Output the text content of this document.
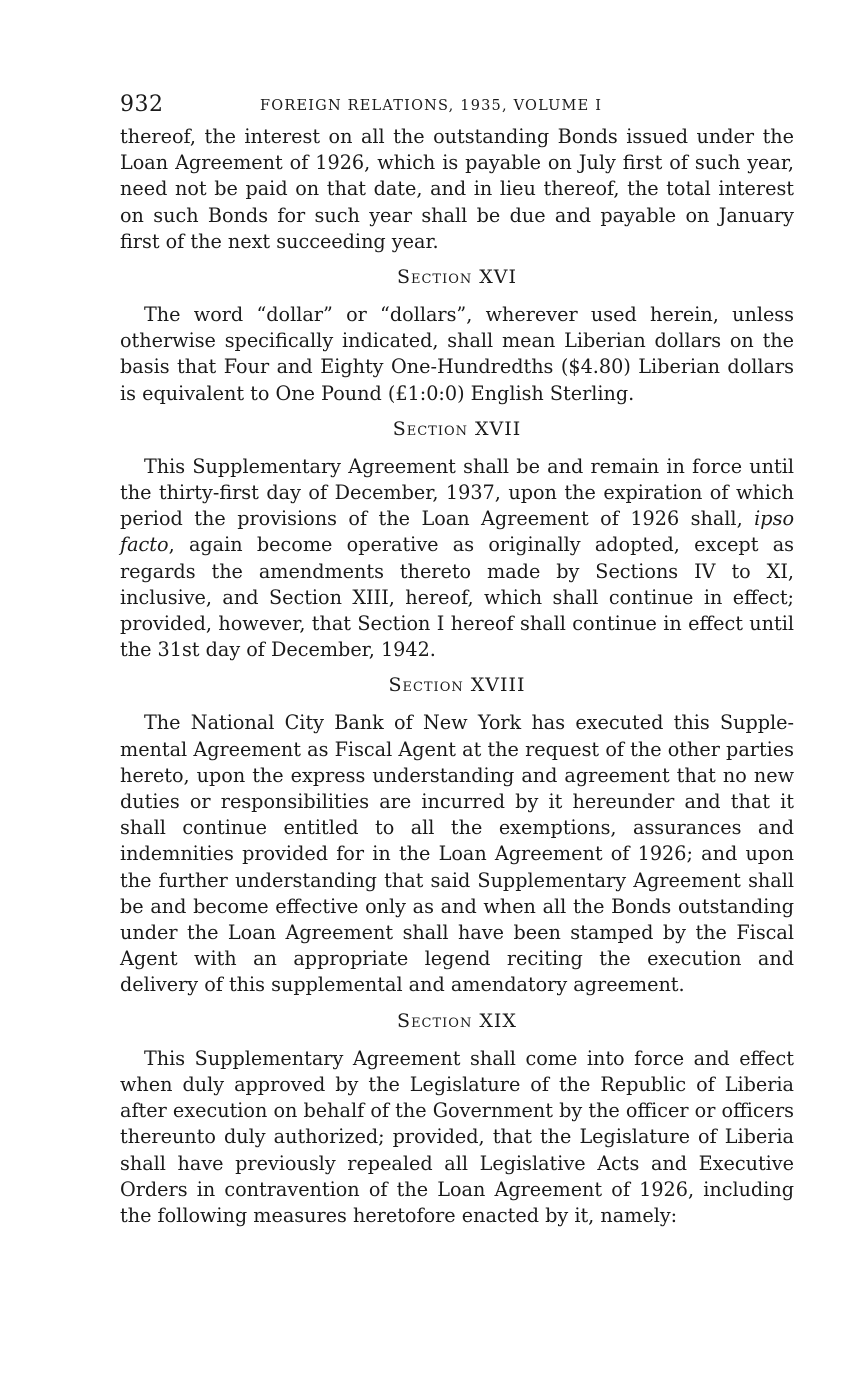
932	FOREIGN RELATIONS, 1935, VOLUME I

thereof, the interest on all the outstanding Bonds issued under the Loan Agreement of 1926, which is payable on July first of such year, need not be paid on that date, and in lieu thereof, the total interest on such Bonds for such year shall be due and payable on January first of the next succeeding year.

Section XVI

The word “dollar” or “dollars”, wherever used herein, unless otherwise specifically indicated, shall mean Liberian dollars on the basis that Four and Eighty One-Hundredths ($4.80) Liberian dollars is equivalent to One Pound (£1:0:0) English Sterling.

Section XVII

This Supplementary Agreement shall be and remain in force until the thirty-first day of December, 1937, upon the expiration of which period the provisions of the Loan Agreement of 1926 shall, ipso facto, again become operative as originally adopted, except as regards the amendments thereto made by Sections IV to XI, inclusive, and Section XIII, hereof, which shall continue in effect; provided, however, that Section I hereof shall continue in effect until the 31st day of December, 1942.

Section XVIII

The National City Bank of New York has executed this Supplemental Agreement as Fiscal Agent at the request of the other parties hereto, upon the express understanding and agreement that no new duties or responsibilities are incurred by it hereunder and that it shall continue entitled to all the exemptions, assurances and indemnities provided for in the Loan Agreement of 1926; and upon the further understanding that said Supplementary Agreement shall be and become effective only as and when all the Bonds outstanding under the Loan Agreement shall have been stamped by the Fiscal Agent with an appropriate legend reciting the execution and delivery of this supplemental and amendatory agreement.

Section XIX

This Supplementary Agreement shall come into force and effect when duly approved by the Legislature of the Republic of Liberia after execution on behalf of the Government by the officer or officers thereunto duly authorized; provided, that the Legislature of Liberia shall have previously repealed all Legislative Acts and Executive Orders in contravention of the Loan Agreement of 1926, including the following measures heretofore enacted by it, namely:
